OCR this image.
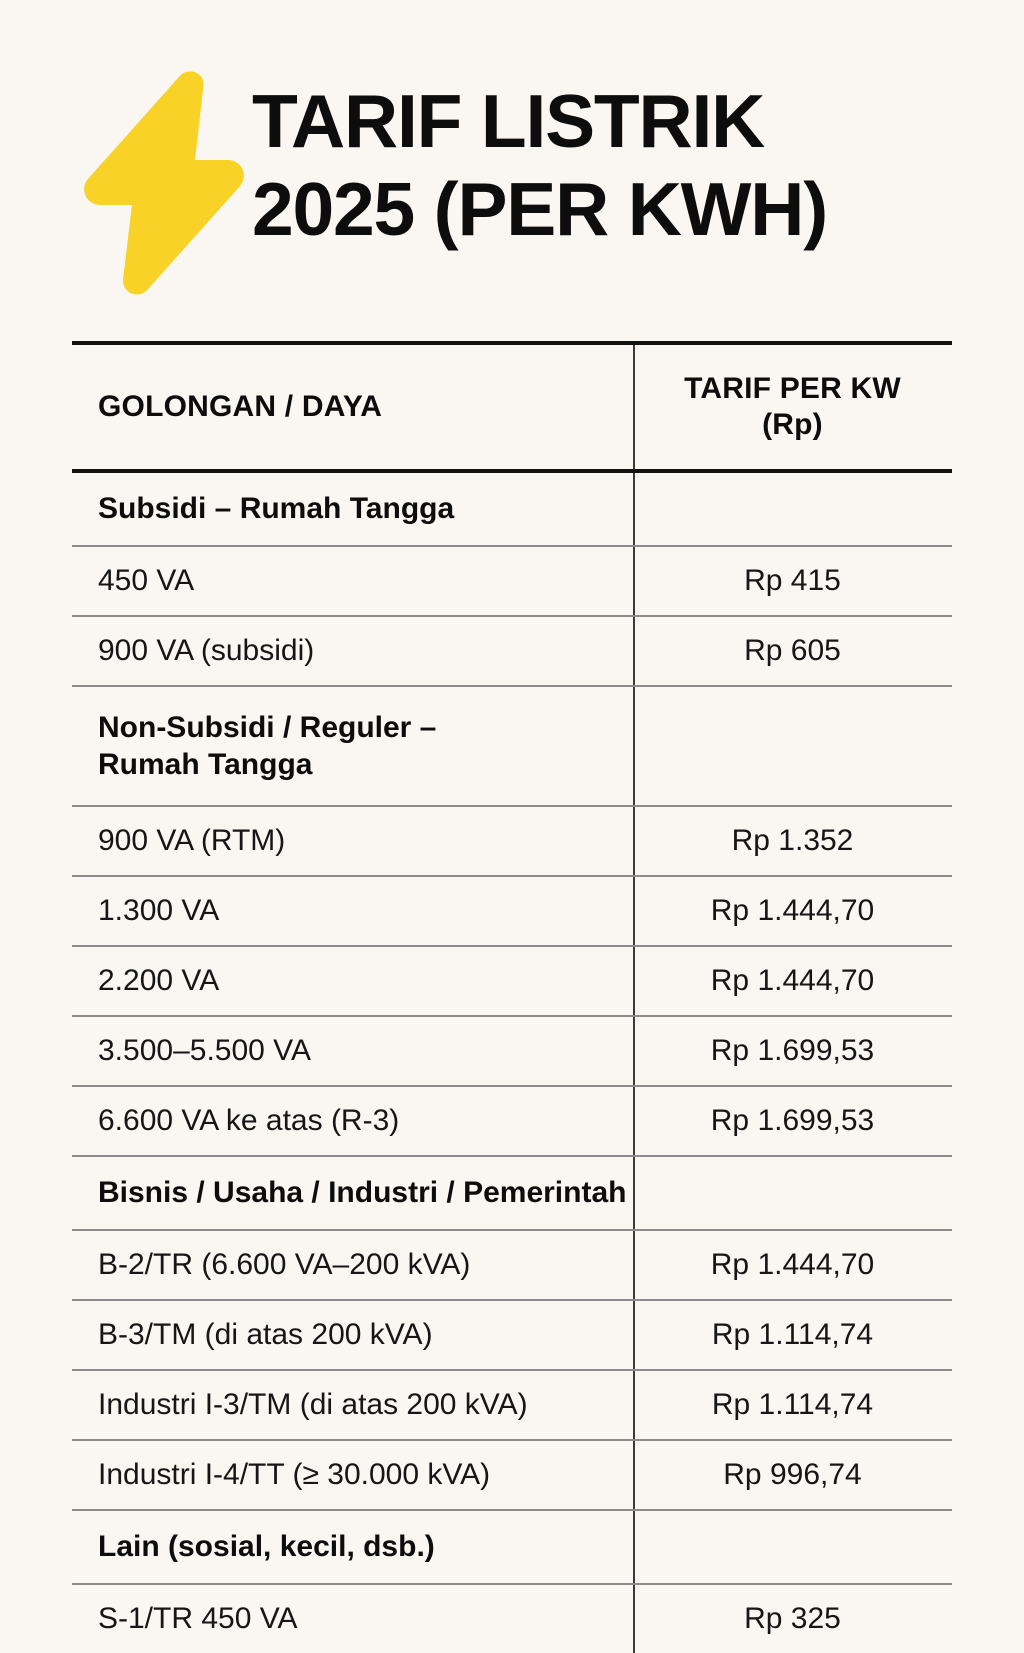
TARIF LISTRIK
2025 (PER KWH)
GOLONGAN / DAYA
TARIF PER KW
(Rp)
Subsidi – Rumah Tangga
450 VA	Rp 415
900 VA (subsidi)	Rp 605
Non-Subsidi / Reguler –
Rumah Tangga
900 VA (RTM)	Rp 1.352
1.300 VA	Rp 1.444,70
2.200 VA	Rp 1.444,70
3.500–5.500 VA	Rp 1.699,53
6.600 VA ke atas (R-3)	Rp 1.699,53
Bisnis / Usaha / Industri / Pemerintah
B-2/TR (6.600 VA–200 kVA)	Rp 1.444,70
B-3/TM (di atas 200 kVA)	Rp 1.114,74
Industri I-3/TM (di atas 200 kVA)	Rp 1.114,74
Industri I-4/TT (≥ 30.000 kVA)	Rp 996,74
Lain (sosial, kecil, dsb.)
S-1/TR 450 VA	Rp 325
